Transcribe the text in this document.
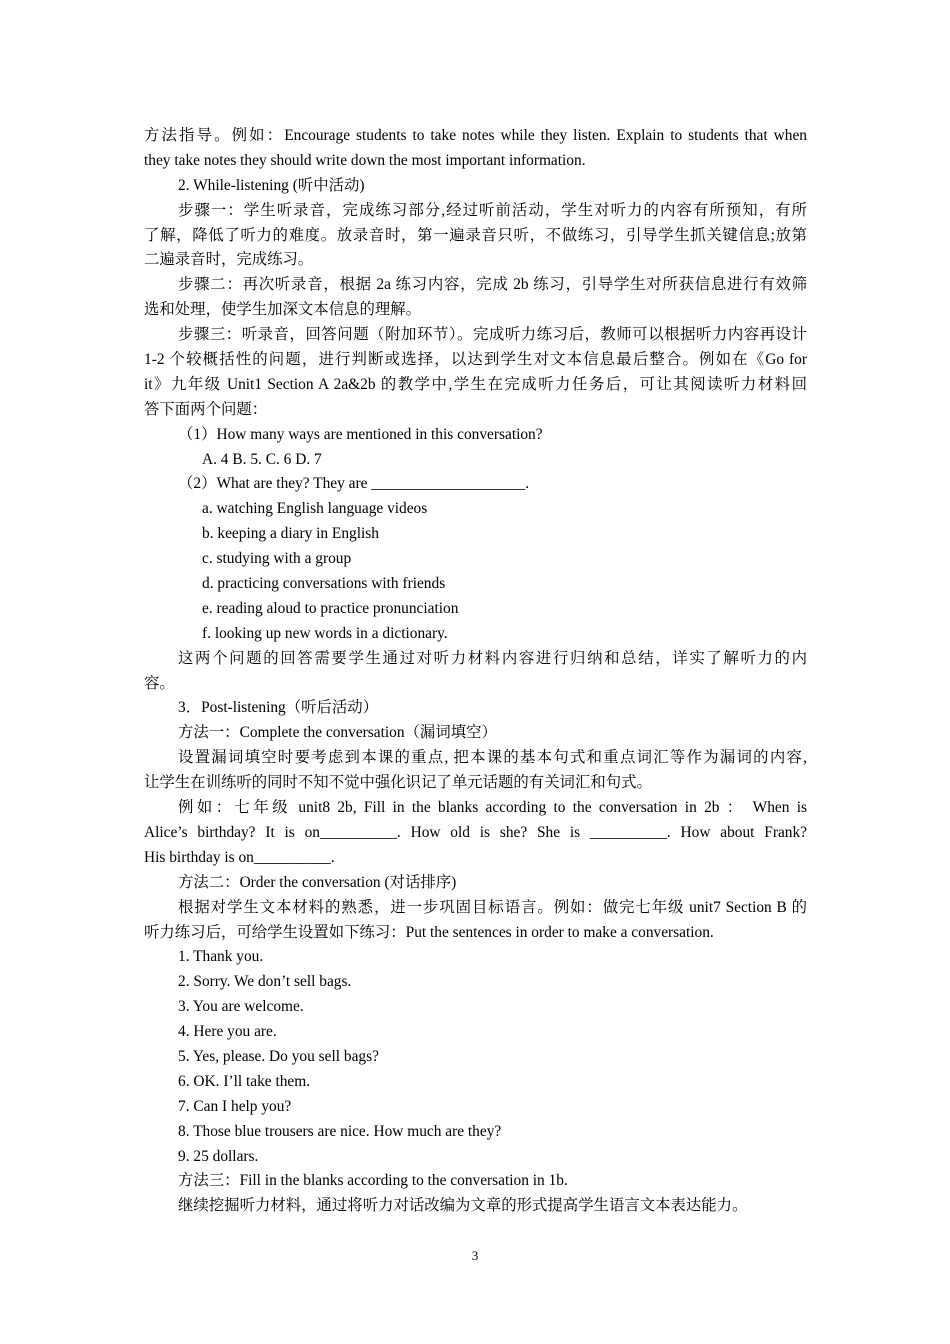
方法指导。例如：Encourage students to take notes while they listen. Explain to students that when
they take notes they should write down the most important information.
2. While-listening (听中活动)
步骤一：学生听录音，完成练习部分,经过听前活动，学生对听力的内容有所预知，有所
了解，降低了听力的难度。放录音时，第一遍录音只听，不做练习，引导学生抓关键信息;放第
二遍录音时，完成练习。
步骤二：再次听录音，根据 2a 练习内容，完成 2b 练习，引导学生对所获信息进行有效筛
选和处理，使学生加深文本信息的理解。
步骤三：听录音，回答问题（附加环节）。完成听力练习后，教师可以根据听力内容再设计
1-2 个较概括性的问题，进行判断或选择，以达到学生对文本信息最后整合。例如在《Go for
it》九年级 Unit1 Section A 2a&2b 的教学中,学生在完成听力任务后，可让其阅读听力材料回
答下面两个问题：
（1）How many ways are mentioned in this conversation?
A. 4 B. 5. C. 6 D. 7
（2）What are they? They are ____________________.
a. watching English language videos
b. keeping a diary in English
c. studying with a group
d. practicing conversations with friends
e. reading aloud to practice pronunciation
f. looking up new words in a dictionary.
这两个问题的回答需要学生通过对听力材料内容进行归纳和总结，详实了解听力的内
容。
3．Post-listening（听后活动）
方法一：Complete the conversation（漏词填空）
设置漏词填空时要考虑到本课的重点, 把本课的基本句式和重点词汇等作为漏词的内容,
让学生在训练听的同时不知不觉中强化识记了单元话题的有关词汇和句式。
例如：七年级 unit8 2b, Fill in the blanks according to the conversation in 2b ： When is
Alice’s birthday? It is on__________. How old is she? She is __________. How about Frank?
His birthday is on__________.
方法二：Order the conversation (对话排序)
根据对学生文本材料的熟悉，进一步巩固目标语言。例如：做完七年级 unit7 Section B 的
听力练习后，可给学生设置如下练习：Put the sentences in order to make a conversation.
1. Thank you.
2. Sorry. We don’t sell bags.
3. You are welcome.
4. Here you are.
5. Yes, please. Do you sell bags?
6. OK. I’ll take them.
7. Can I help you?
8. Those blue trousers are nice. How much are they?
9. 25 dollars.
方法三：Fill in the blanks according to the conversation in 1b.
继续挖掘听力材料，通过将听力对话改编为文章的形式提高学生语言文本表达能力。
3
